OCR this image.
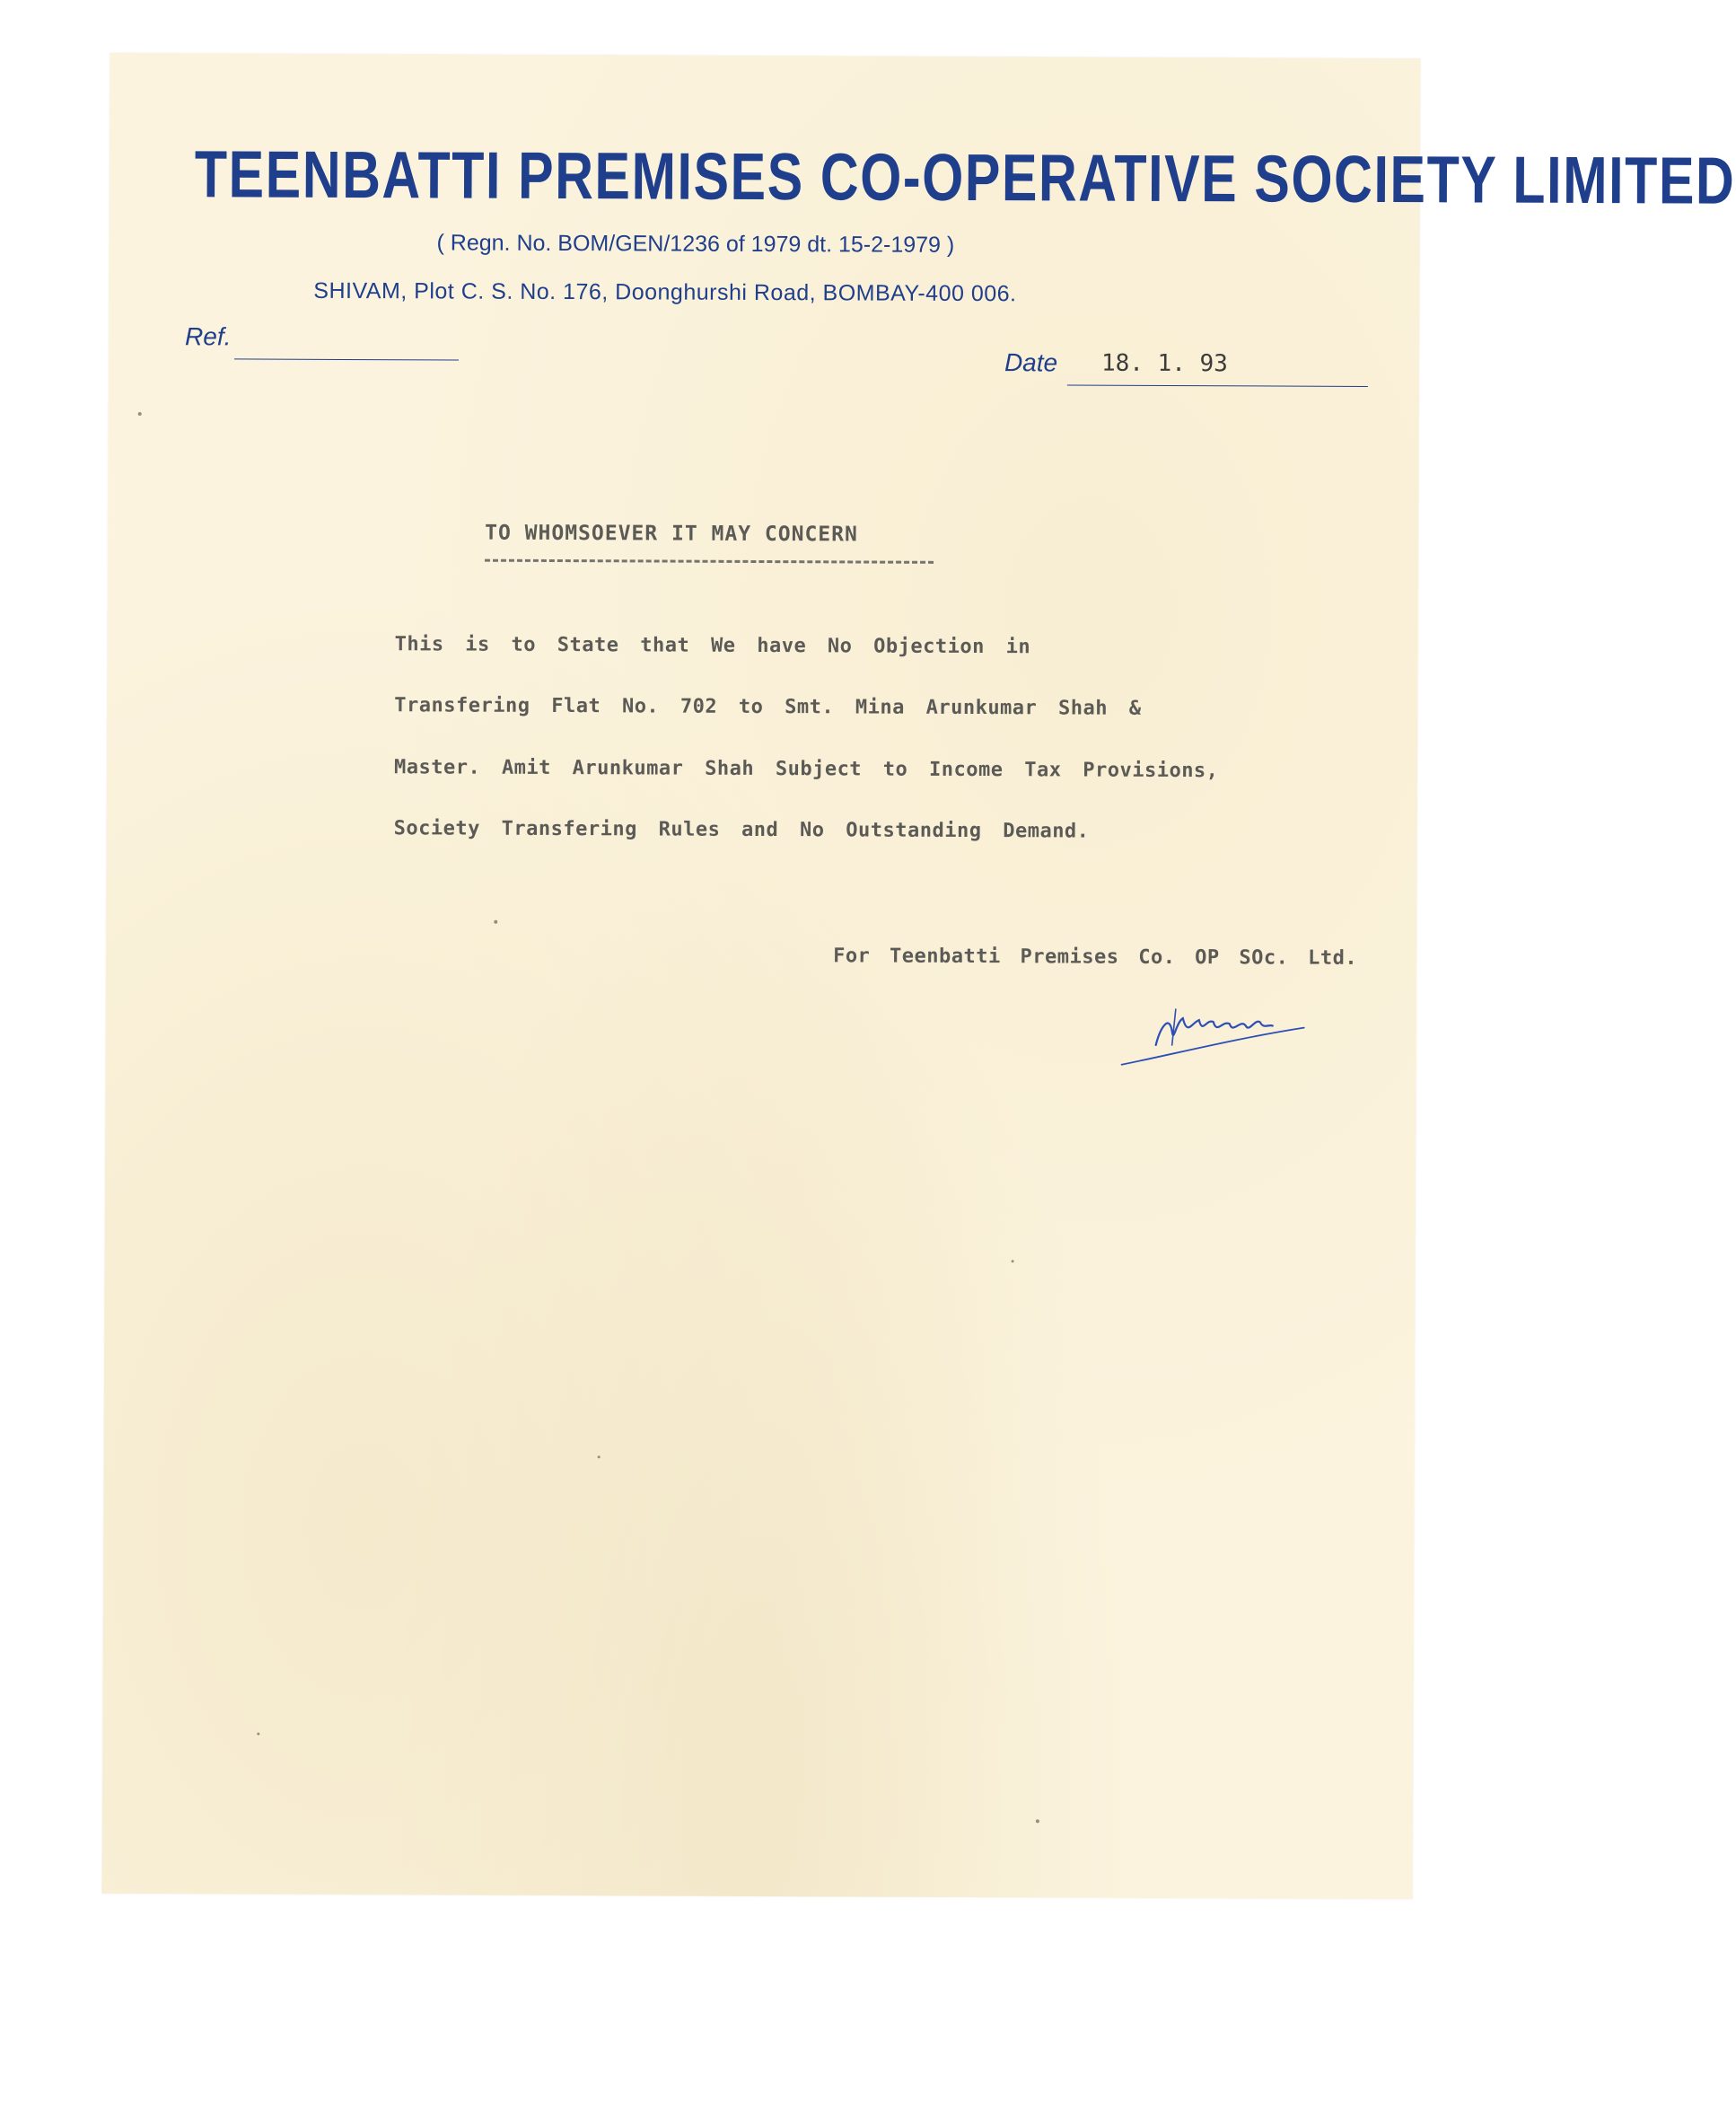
TEENBATTI PREMISES CO-OPERATIVE SOCIETY LIMITED
( Regn. No. BOM/GEN/1236 of 1979 dt. 15-2-1979 )
SHIVAM, Plot C. S. No. 176, Doonghurshi Road, BOMBAY-400 006.
Ref.
Date 18. 1. 93
TO WHOMSOEVER IT MAY CONCERN
This is to State that We have No Objection in
Transfering Flat No. 702 to Smt. Mina Arunkumar Shah &
Master. Amit Arunkumar Shah Subject to Income Tax Provisions,
Society Transfering Rules and No Outstanding Demand.
For Teenbatti Premises Co. OP SOc. Ltd.
